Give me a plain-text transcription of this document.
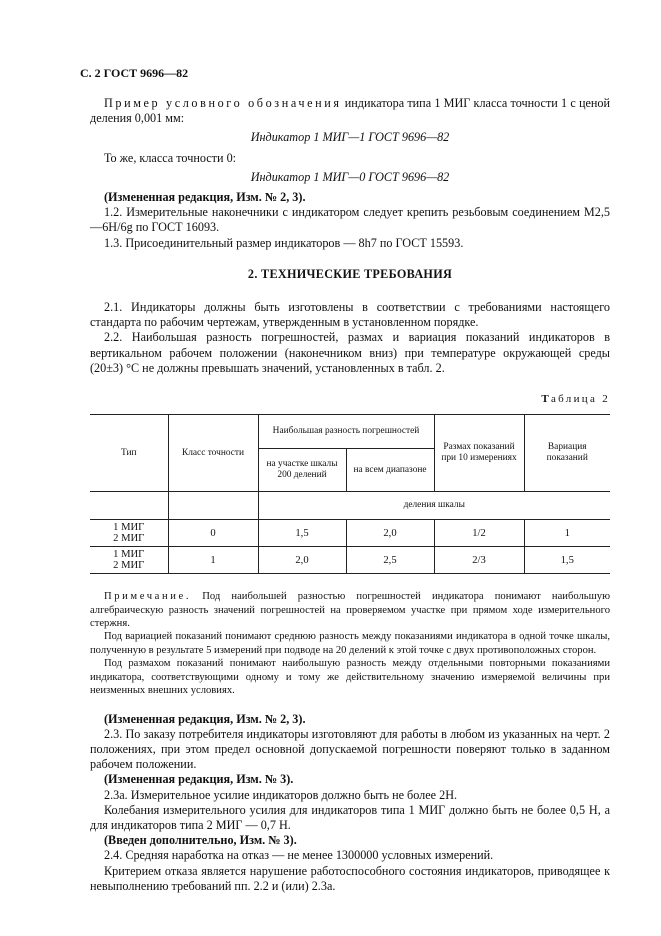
С. 2 ГОСТ 9696—82

Пример условного обозначения индикатора типа 1 МИГ класса точности 1 с ценой деления 0,001 мм:

Индикатор 1 МИГ—1 ГОСТ 9696—82

То же, класса точности 0:

Индикатор 1 МИГ—0 ГОСТ 9696—82

(Измененная редакция, Изм. № 2, 3).

1.2. Измерительные наконечники с индикатором следует крепить резьбовым соединением М2,5—6Н/6g по ГОСТ 16093.

1.3. Присоединительный размер индикаторов — 8h7 по ГОСТ 15593.

2. ТЕХНИЧЕСКИЕ ТРЕБОВАНИЯ

2.1. Индикаторы должны быть изготовлены в соответствии с требованиями настоящего стандарта по рабочим чертежам, утвержденным в установленном порядке.

2.2. Наибольшая разность погрешностей, размах и вариация показаний индикаторов в вертикальном рабочем положении (наконечником вниз) при температуре окружающей среды (20±3) °С не должны превышать значений, установленных в табл. 2.

Таблица 2
Тип	Класс точности	Наибольшая разность погрешностей		Размах показаний при 10 измерениях	Вариация показаний
		на участке шкалы 200 делений	на всем диапазоне		
		деления шкалы			
1 МИГ
2 МИГ	0	1,5	2,0	1/2	1
1 МИГ
2 МИГ	1	2,0	2,5	2/3	1,5

Примечание. Под наибольшей разностью погрешностей индикатора понимают наибольшую алгебраическую разность значений погрешностей на проверяемом участке при прямом ходе измерительного стержня.

Под вариацией показаний понимают среднюю разность между показаниями индикатора в одной точке шкалы, полученную в результате 5 измерений при подводе на 20 делений к этой точке с двух противоположных сторон.

Под размахом показаний понимают наибольшую разность между отдельными повторными показаниями индикатора, соответствующими одному и тому же действительному значению измеряемой величины при неизменных внешних условиях.

(Измененная редакция, Изм. № 2, 3).

2.3. По заказу потребителя индикаторы изготовляют для работы в любом из указанных на черт. 2 положениях, при этом предел основной допускаемой погрешности поверяют только в заданном рабочем положении.

(Измененная редакция, Изм. № 3).

2.3а. Измерительное усилие индикаторов должно быть не более 2Н.

Колебания измерительного усилия для индикаторов типа 1 МИГ должно быть не более 0,5 Н, а для индикаторов типа 2 МИГ — 0,7 Н.

(Введен дополнительно, Изм. № 3).

2.4. Средняя наработка на отказ — не менее 1300000 условных измерений.

Критерием отказа является нарушение работоспособного состояния индикаторов, приводящее к невыполнению требований пп. 2.2 и (или) 2.3а.
